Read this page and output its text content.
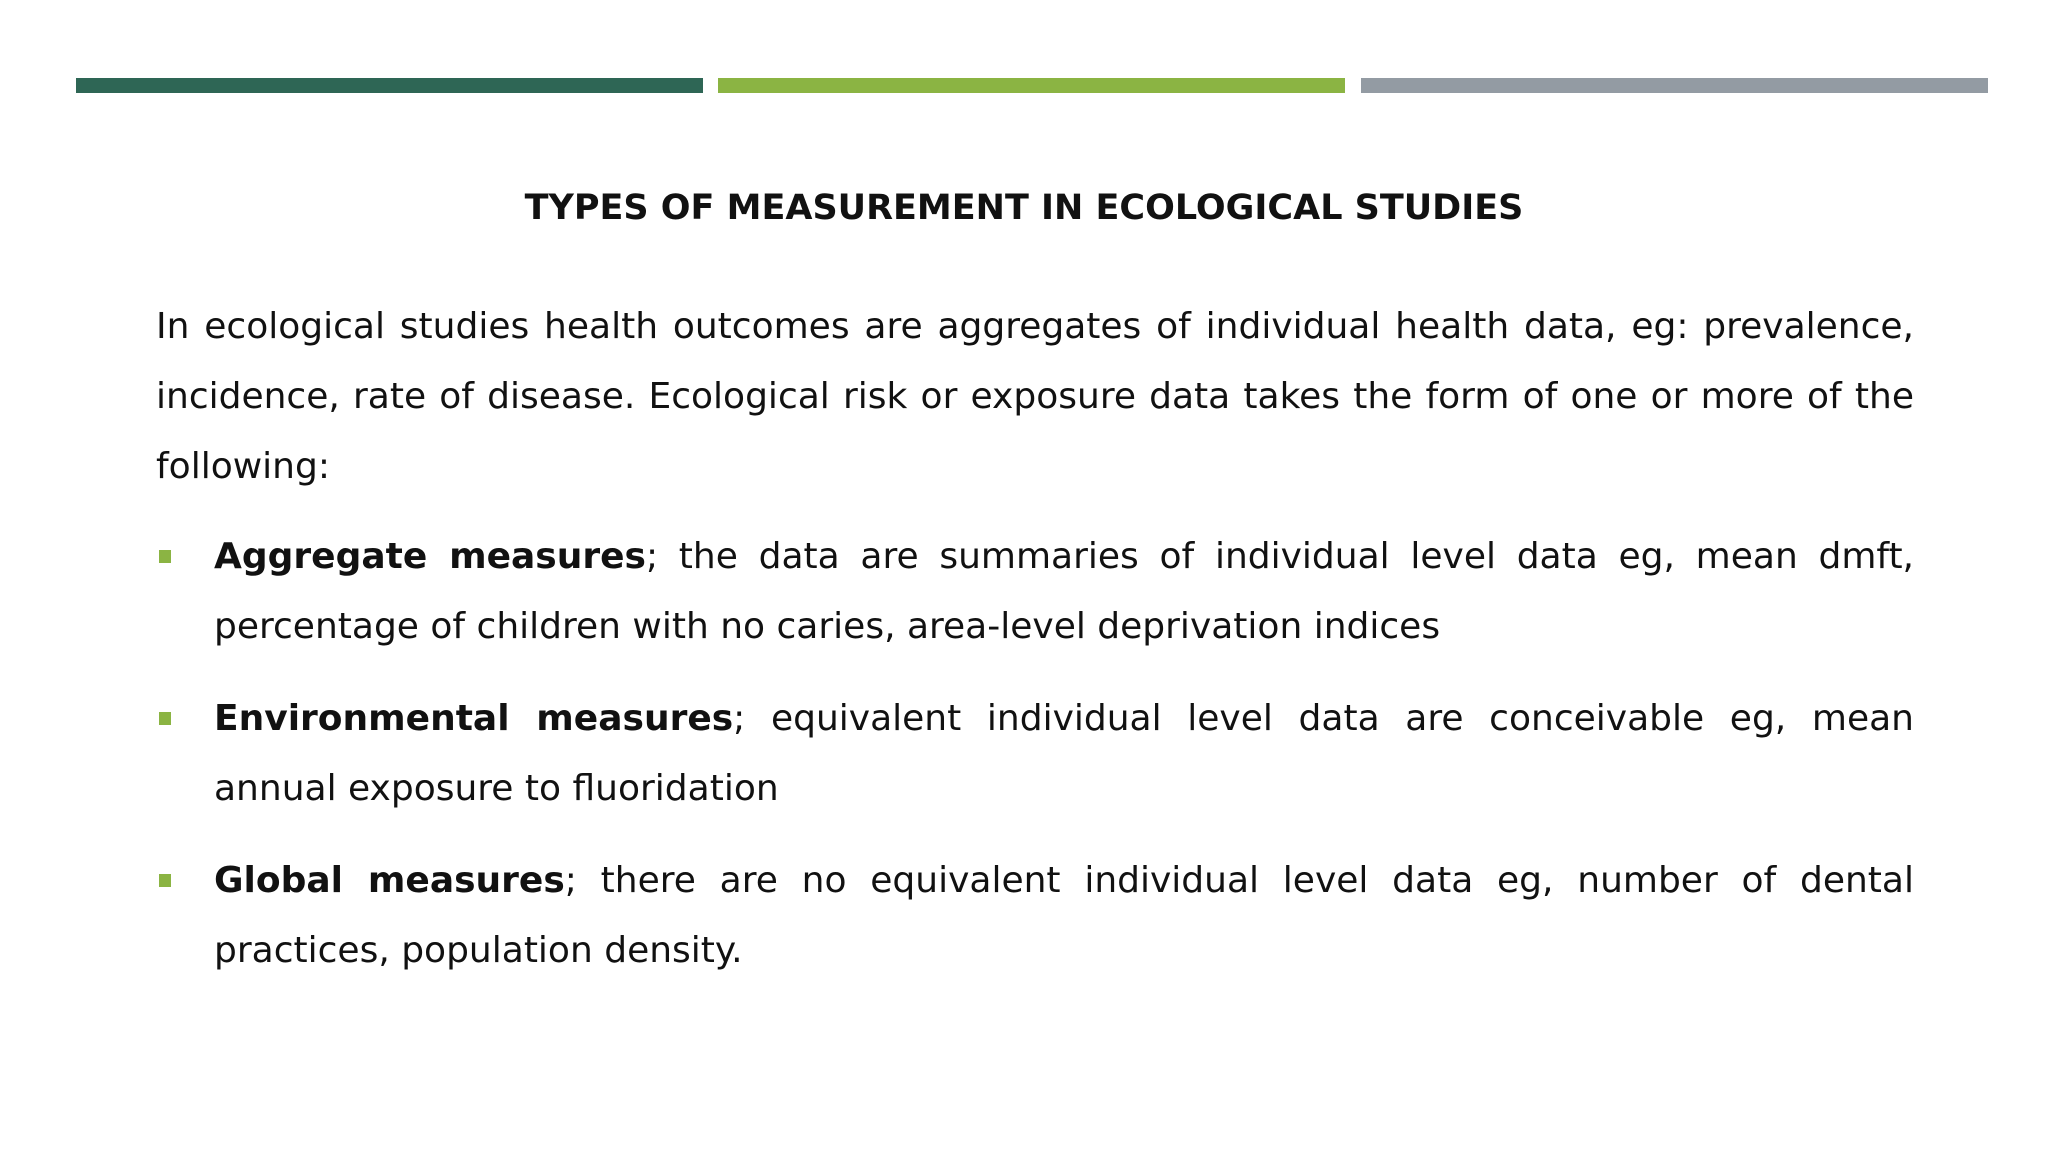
TYPES OF MEASUREMENT IN ECOLOGICAL STUDIES

In ecological studies health outcomes are aggregates of individual health data, eg: prevalence, incidence, rate of disease. Ecological risk or exposure data takes the form of one or more of the following:

Aggregate measures; the data are summaries of individual level data eg, mean dmft, percentage of children with no caries, area-level deprivation indices
Environmental measures; equivalent individual level data are conceivable eg, mean annual exposure to fluoridation
Global measures; there are no equivalent individual level data eg, number of dental practices, population density.
